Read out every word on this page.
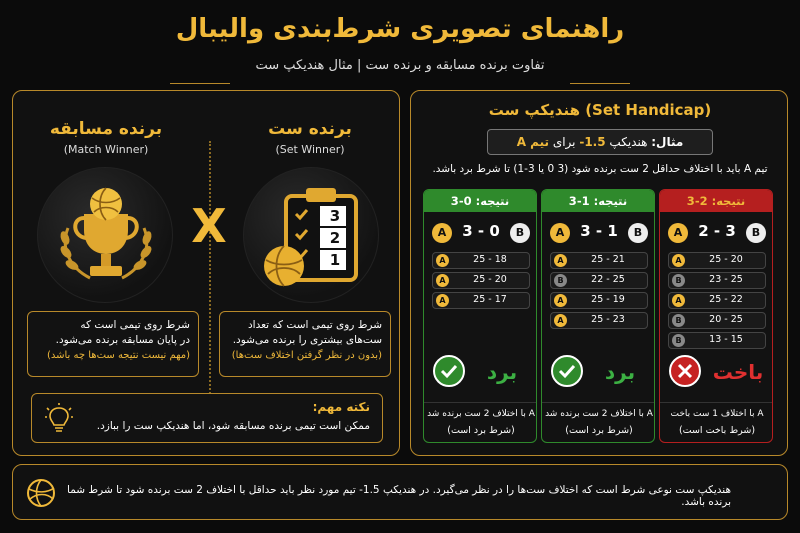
راهنمای تصویری شرط‌بندی والیبال
تفاوت برنده مسابقه و برنده ست | مثال هندیکپ ست
برنده ست
(Set Winner)
برنده مسابقه
(Match Winner)
X	3
2
1
شرط روی تیمی است که
در پایان مسابقه برنده می‌شود.
(مهم نیست نتیجه ست‌ها چه باشد)
شرط روی تیمی است که تعداد
ست‌های بیشتری را برنده می‌شود.
(بدون در نظر گرفتن اختلاف ست‌ها)
نکته مهم:
ممکن است تیمی برنده مسابقه شود، اما هندیکپ ست را ببازد.
هندیکپ ست (Set Handicap)
مثال: هندیکپ -1.5 برای تیم A
تیم A باید با اختلاف حداقل 2 ست برنده شود (3 0 یا 3-1) تا شرط برد باشد.
نتیجه: 0-3
A	3 - 0	B
A	25 - 18
A	25 - 20
A	25 - 17
برد
A با اختلاف 2 ست برنده شد
(شرط برد است)
نتیجه: 1-3
A	3 - 1	B
A	25 - 21
B	22 - 25
A	25 - 19
A	25 - 23
برد
A با اختلاف 2 ست برنده شد
(شرط برد است)
نتیجه: 2-3
A	2 - 3	B
A	25 - 20
B	23 - 25
A	25 - 22
B	20 - 25
B	13 - 15
باخت
A با اختلاف 1 ست باخت
(شرط باخت است)
هندیکپ ست نوعی شرط است که اختلاف ست‌ها را در نظر می‌گیرد. در هندیکپ 1.5- تیم مورد نظر باید حداقل با اختلاف 2 ست برنده شود تا شرط شما برنده باشد.
